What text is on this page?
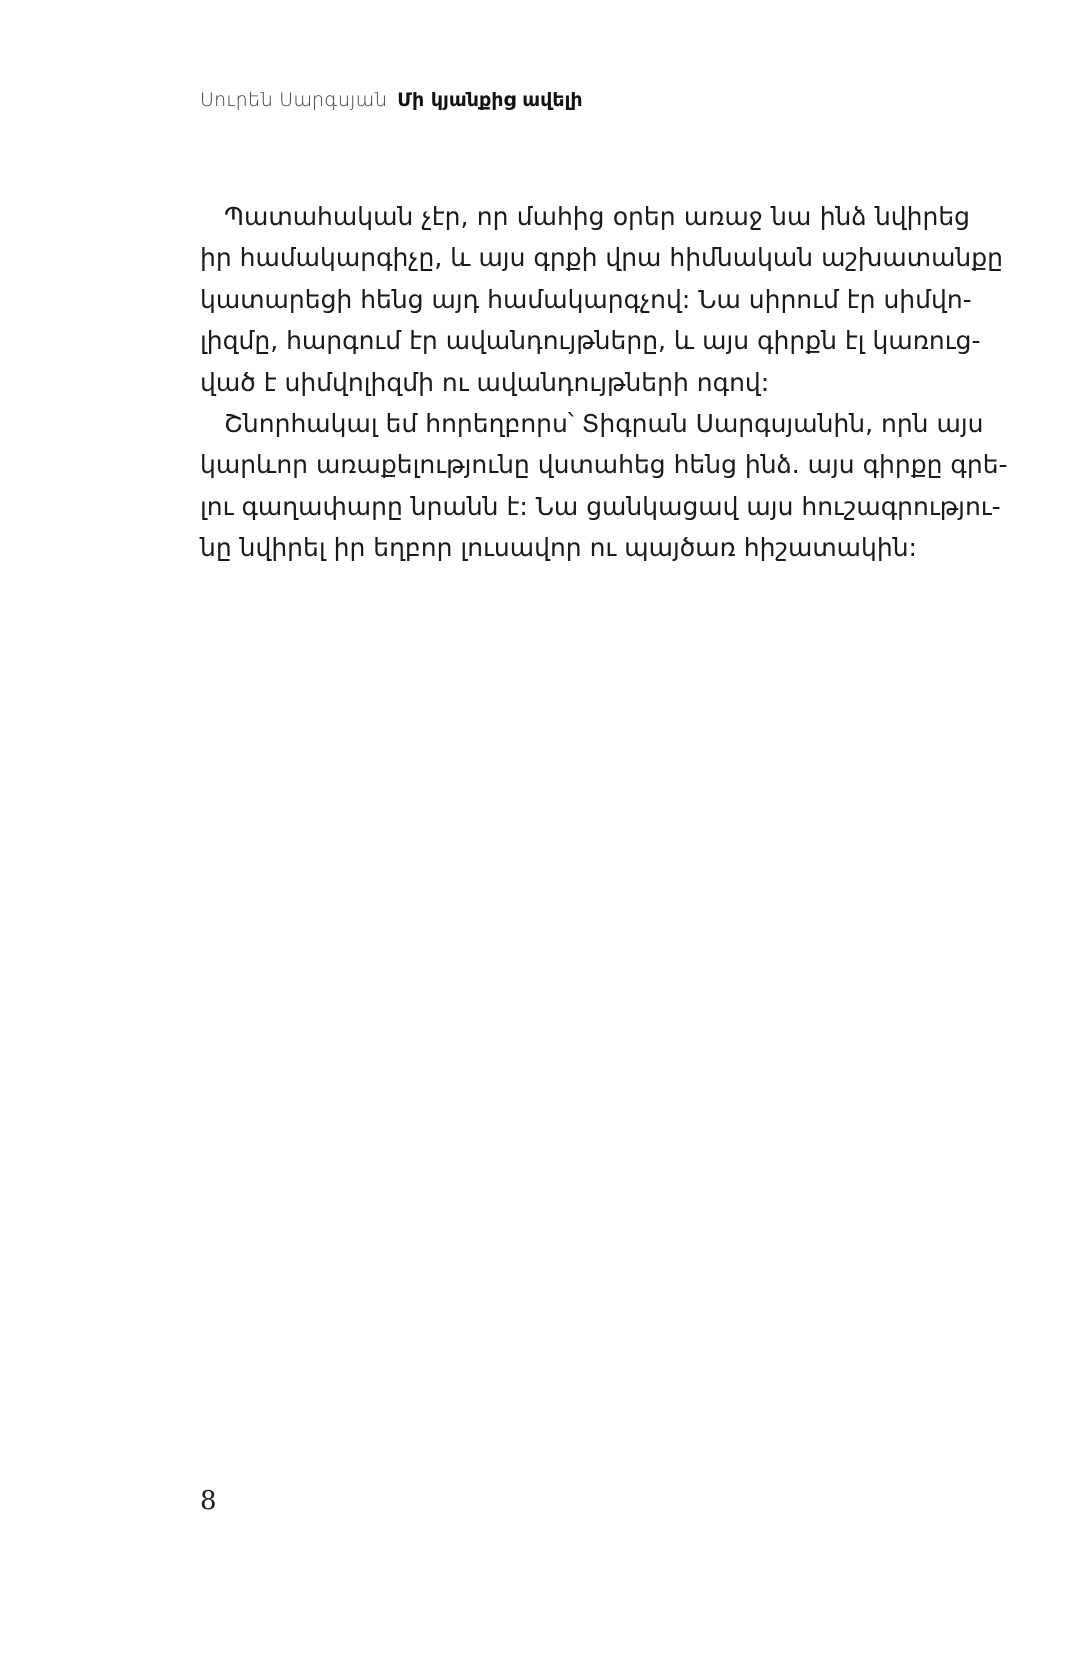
Սուրեն Սարգսյան Մի կյանքից ավելի
Պատահական չէր, որ մահից օրեր առաջ նա ինձ նվիրեց
իր համակարգիչը, և այս գրքի վրա հիմնական աշխատանքը
կատարեցի հենց այդ համակարգչով: Նա սիրում էր սիմվո-
լիզմը, հարգում էր ավանդույթները, և այս գիրքն էլ կառուց-
ված է սիմվոլիզմի ու ավանդույթների ոգով:
Շնորհակալ եմ հորեղբորս՝ Տիգրան Սարգսյանին, որն այս
կարևոր առաքելությունը վստահեց հենց ինձ. այս գիրքը գրե-
լու գաղափարը նրանն է: Նա ցանկացավ այս հուշագրությու-
նը նվիրել իր եղբոր լուսավոր ու պայծառ հիշատակին:
8
